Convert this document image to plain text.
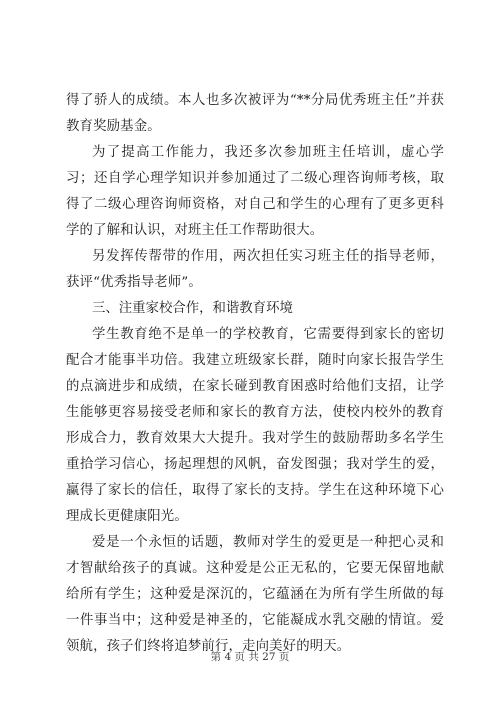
得了骄人的成绩。本人也多次被评为“**分局优秀班主任”并获教育奖励基金。

为了提高工作能力，我还多次参加班主任培训，虚心学习；还自学心理学知识并参加通过了二级心理咨询师考核，取得了二级心理咨询师资格，对自己和学生的心理有了更多更科学的了解和认识，对班主任工作帮助很大。

另发挥传帮带的作用，两次担任实习班主任的指导老师，获评“优秀指导老师”。

三、注重家校合作，和谐教育环境

学生教育绝不是单一的学校教育，它需要得到家长的密切配合才能事半功倍。我建立班级家长群，随时向家长报告学生的点滴进步和成绩，在家长碰到教育困惑时给他们支招，让学生能够更容易接受老师和家长的教育方法，使校内校外的教育形成合力，教育效果大大提升。我对学生的鼓励帮助多名学生重拾学习信心，扬起理想的风帆，奋发图强；我对学生的爱，赢得了家长的信任，取得了家长的支持。学生在这种环境下心理成长更健康阳光。

爱是一个永恒的话题，教师对学生的爱更是一种把心灵和才智献给孩子的真诚。这种爱是公正无私的，它要无保留地献给所有学生；这种爱是深沉的，它蕴涵在为所有学生所做的每一件事当中；这种爱是神圣的，它能凝成水乳交融的情谊。爱领航，孩子们终将追梦前行，走向美好的明天。

第 4 页 共 27 页
